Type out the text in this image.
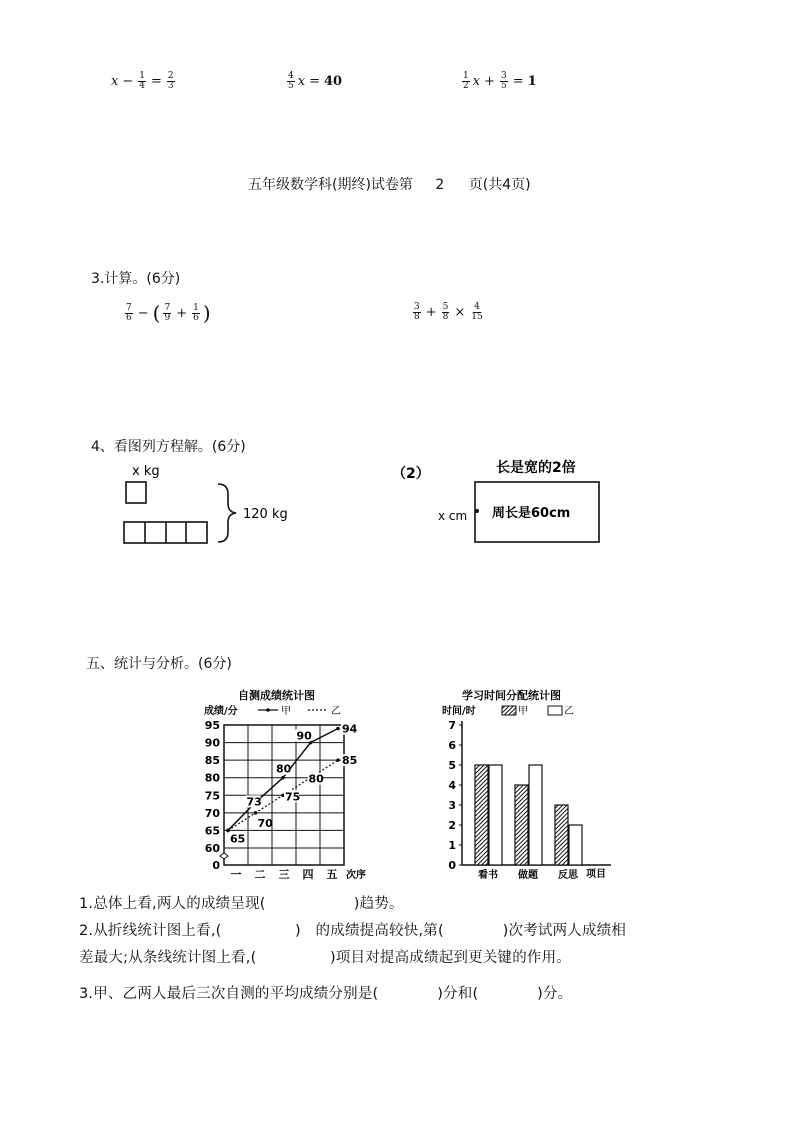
$x - \frac{1}{4} = \frac{2}{3}$	$\frac{4}{5}$ x = 40	$\frac{1}{2}$ $x + \frac{3}{5} = 1$
五年级数学科(期终)试卷第 2 页(共4页)
3.计算。(6分)
$\frac{7}{6}$ − ( $\frac{7}{9} + \frac{1}{6}$ )	$\frac{3}{8} + \frac{5}{8} \times \frac{4}{15}$
4、看图列方程解。(6分)
x kg
120 kg
（2）	长是宽的2倍
x cm 周长是60cm
五、统计与分析。(6分)
自测成绩统计图
成绩/分	甲	乙
95
90
85
80
75
70
65
60
0
一 二 三 四 五 次序
65
73
70
80
75
90
80
94
85
学习时间分配统计图
时间/时	甲	乙
7
6
5
4
3
2
1
0
看书 做题 反思 项目
1.总体上看,两人的成绩呈现(　　　　　　)趋势。
2.从折线统计图上看,(　　　　　)　的成绩提高较快,第(　　　　)次考试两人成绩相
差最大;从条线统计图上看,(　　　　　)项目对提高成绩起到更关键的作用。
3.甲、乙两人最后三次自测的平均成绩分别是(　　　　)分和(　　　　)分。
